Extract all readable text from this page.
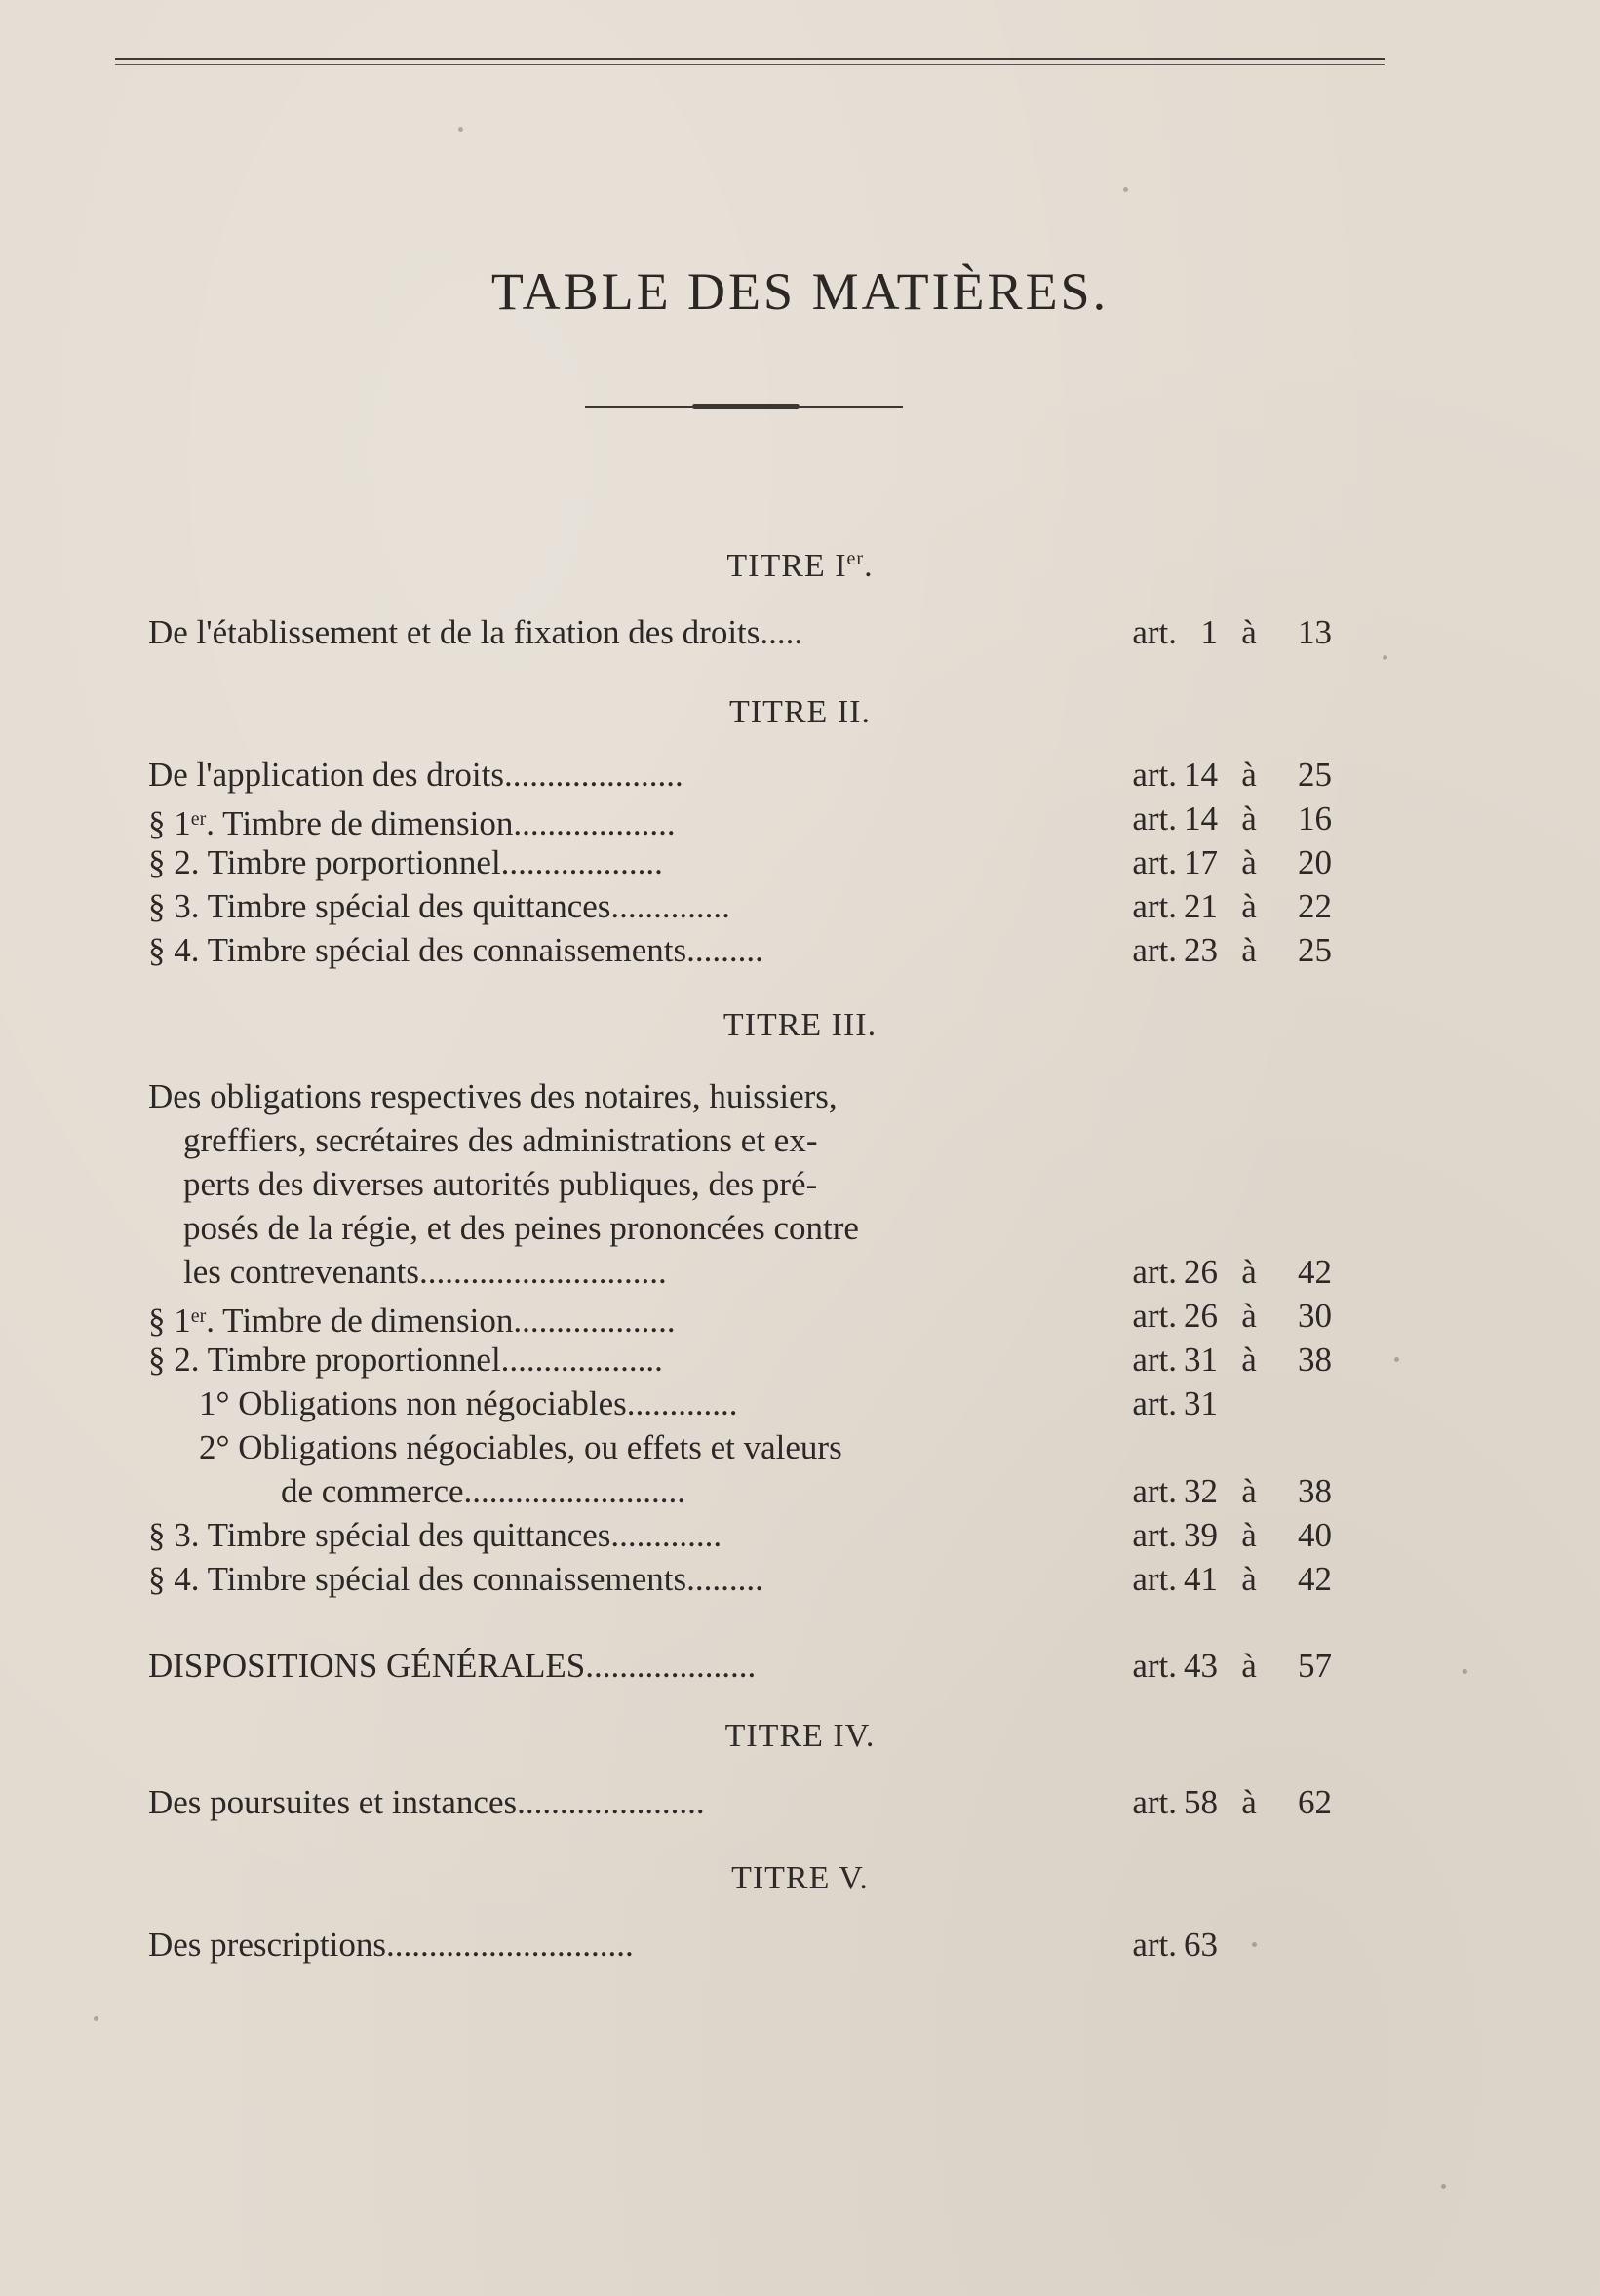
TABLE DES MATIÈRES.
TITRE Ier.
De l'établissement et de la fixation des droits.....	art. 1 à	13
TITRE II.
De l'application des droits.....................	art. 14 à	25
§ 1er. Timbre de dimension...................	art. 14 à	16
§ 2. Timbre porportionnel...................	art. 17 à	20
§ 3. Timbre spécial des quittances..............	art. 21 à	22
§ 4. Timbre spécial des connaissements.........	art. 23 à	25
TITRE III.
Des obligations respectives des notaires, huissiers,
greffiers, secrétaires des administrations et ex-
perts des diverses autorités publiques, des pré-
posés de la régie, et des peines prononcées contre
les contrevenants.............................	art. 26 à	42
§ 1er. Timbre de dimension...................	art. 26 à	30
§ 2. Timbre proportionnel...................	art. 31 à	38
1° Obligations non négociables.............	art. 31
2° Obligations négociables, ou effets et valeurs
de commerce..........................	art. 32 à	38
§ 3. Timbre spécial des quittances.............	art. 39 à	40
§ 4. Timbre spécial des connaissements.........	art. 41 à	42
DISPOSITIONS GÉNÉRALES....................	art. 43 à	57
TITRE IV.
Des poursuites et instances......................	art. 58 à	62
TITRE V.
Des prescriptions.............................	art. 63
